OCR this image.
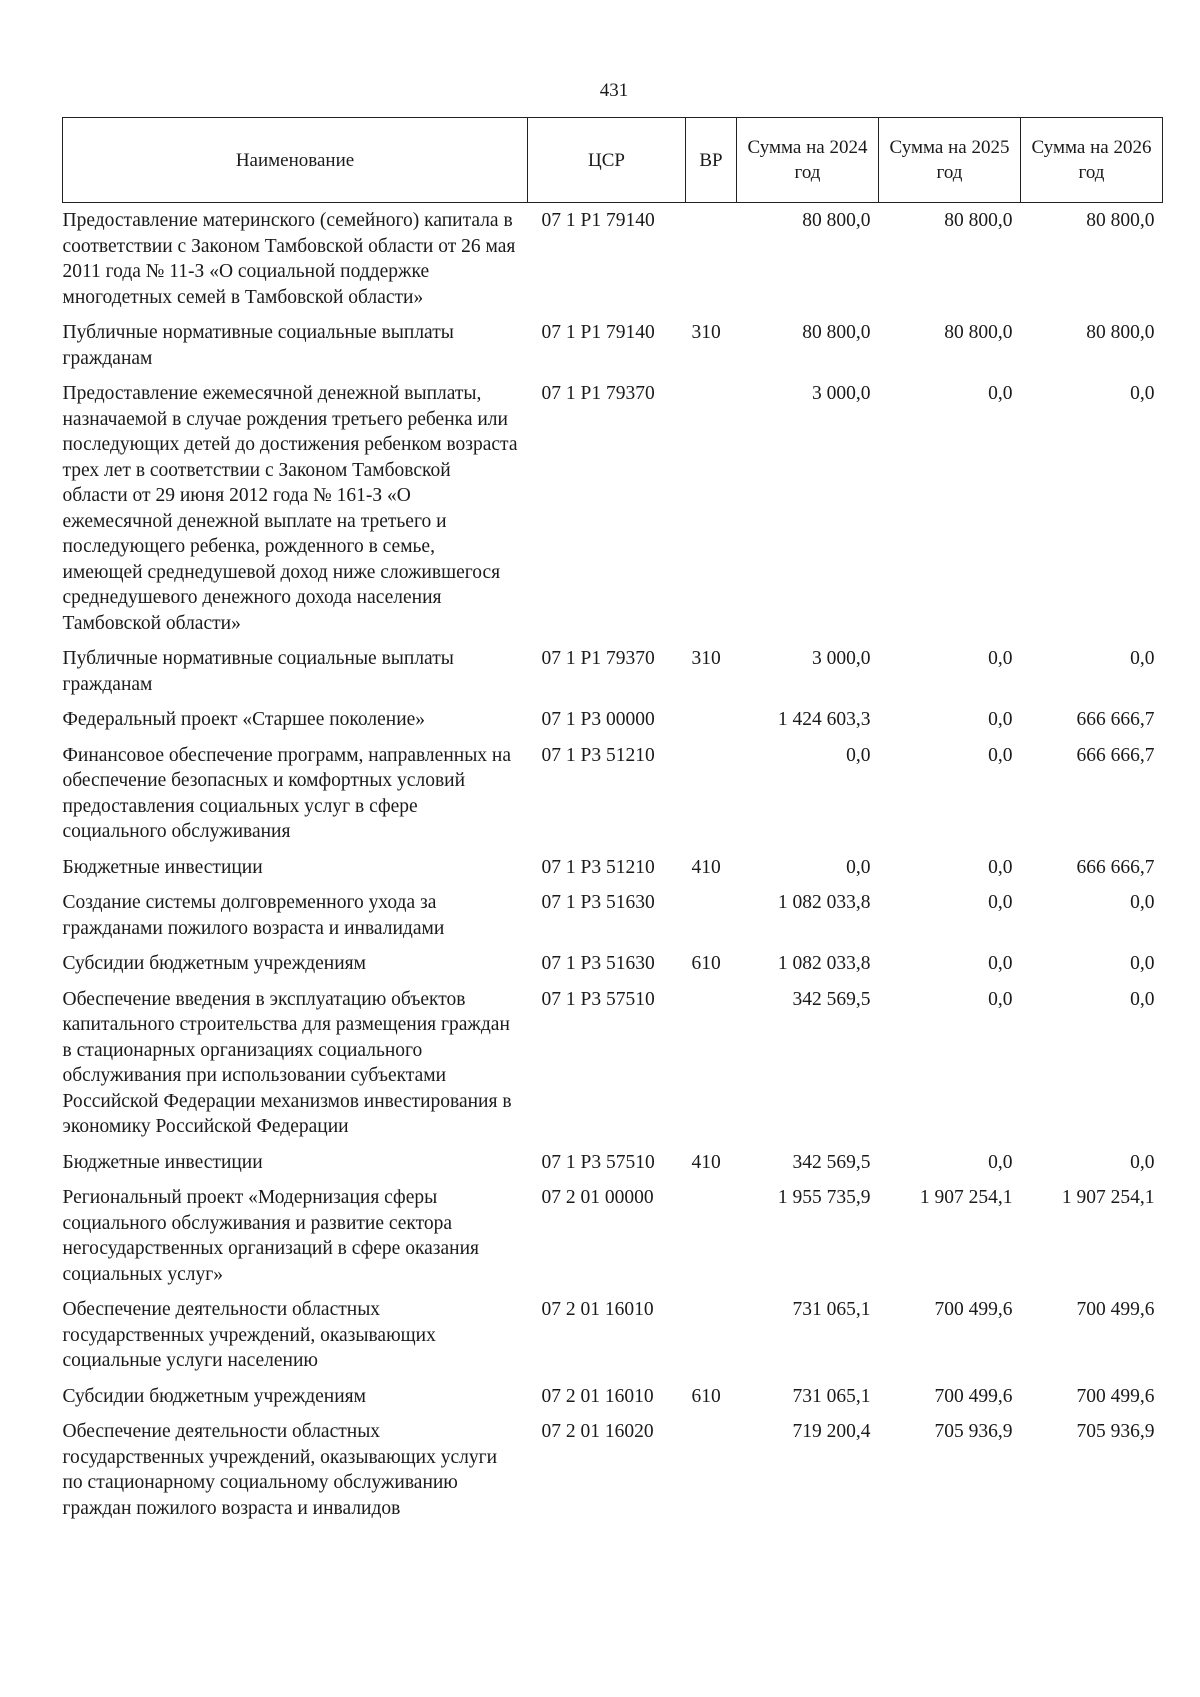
431
Наименование	ЦСР	ВР	Сумма на 2024 год	Сумма на 2025 год	Сумма на 2026 год
Предоставление материнского (семейного) капитала в соответствии с Законом Тамбовской области от 26 мая 2011 года № 11-З «О социальной поддержке многодетных семей в Тамбовской области»	07 1 P1 79140		80 800,0	80 800,0	80 800,0
Публичные нормативные социальные выплаты гражданам	07 1 P1 79140	310	80 800,0	80 800,0	80 800,0
Предоставление ежемесячной денежной выплаты, назначаемой в случае рождения третьего ребенка или последующих детей до достижения ребенком возраста трех лет в соответствии с Законом Тамбовской области от 29 июня 2012 года № 161-З «О ежемесячной денежной выплате на третьего и последующего ребенка, рожденного в семье, имеющей среднедушевой доход ниже сложившегося среднедушевого денежного дохода населения Тамбовской области»	07 1 P1 79370		3 000,0	0,0	0,0
Публичные нормативные социальные выплаты гражданам	07 1 P1 79370	310	3 000,0	0,0	0,0
Федеральный проект «Старшее поколение»	07 1 P3 00000		1 424 603,3	0,0	666 666,7
Финансовое обеспечение программ, направленных на обеспечение безопасных и комфортных условий предоставления социальных услуг в сфере социального обслуживания	07 1 P3 51210		0,0	0,0	666 666,7
Бюджетные инвестиции	07 1 P3 51210	410	0,0	0,0	666 666,7
Создание системы долговременного ухода за гражданами пожилого возраста и инвалидами	07 1 P3 51630		1 082 033,8	0,0	0,0
Субсидии бюджетным учреждениям	07 1 P3 51630	610	1 082 033,8	0,0	0,0
Обеспечение введения в эксплуатацию объектов капитального строительства для размещения граждан в стационарных организациях социального обслуживания при использовании субъектами Российской Федерации механизмов инвестирования в экономику Российской Федерации	07 1 P3 57510		342 569,5	0,0	0,0
Бюджетные инвестиции	07 1 P3 57510	410	342 569,5	0,0	0,0
Региональный проект «Модернизация сферы социального обслуживания и развитие сектора негосударственных организаций в сфере оказания социальных услуг»	07 2 01 00000		1 955 735,9	1 907 254,1	1 907 254,1
Обеспечение деятельности областных государственных учреждений, оказывающих социальные услуги населению	07 2 01 16010		731 065,1	700 499,6	700 499,6
Субсидии бюджетным учреждениям	07 2 01 16010	610	731 065,1	700 499,6	700 499,6
Обеспечение деятельности областных государственных учреждений, оказывающих услуги по стационарному социальному обслуживанию граждан пожилого возраста и инвалидов	07 2 01 16020		719 200,4	705 936,9	705 936,9
